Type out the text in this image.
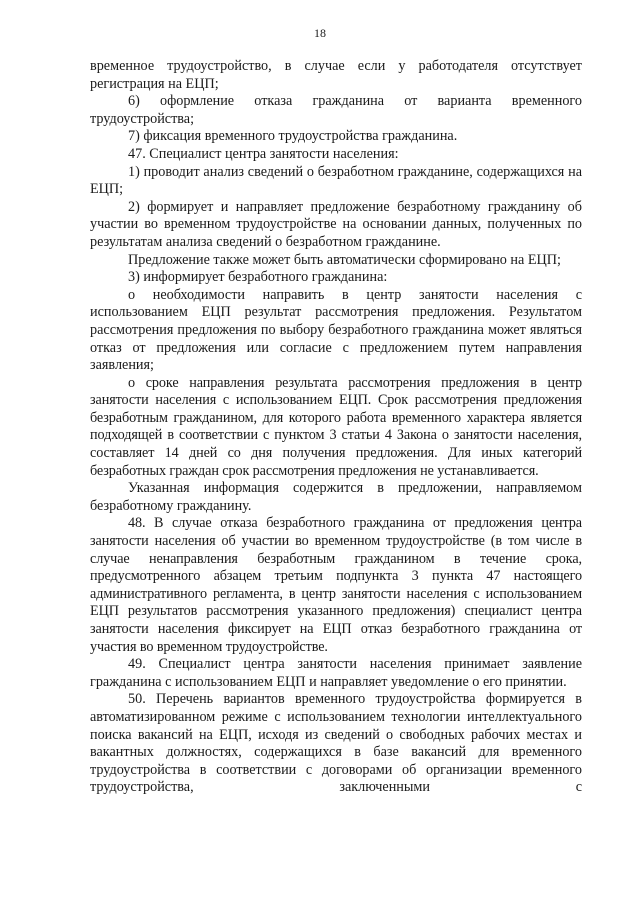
18

временное трудоустройство, в случае если у работодателя отсутствует регистрация на ЕЦП;

6) оформление отказа гражданина от варианта временного трудоустройства;

7) фиксация временного трудоустройства гражданина.

47. Специалист центра занятости населения:

1) проводит анализ сведений о безработном гражданине, содержащихся на ЕЦП;

2) формирует и направляет предложение безработному гражданину об участии во временном трудоустройстве на основании данных, полученных по результатам анализа сведений о безработном гражданине.

Предложение также может быть автоматически сформировано на ЕЦП;

3) информирует безработного гражданина:

о необходимости направить в центр занятости населения с использованием ЕЦП результат рассмотрения предложения. Результатом рассмотрения предложения по выбору безработного гражданина может являться отказ от предложения или согласие с предложением путем направления заявления;

о сроке направления результата рассмотрения предложения в центр занятости населения с использованием ЕЦП. Срок рассмотрения предложения безработным гражданином, для которого работа временного характера является подходящей в соответствии с пунктом 3 статьи 4 Закона о занятости населения, составляет 14 дней со дня получения предложения. Для иных категорий безработных граждан срок рассмотрения предложения не устанавливается.

Указанная информация содержится в предложении, направляемом безработному гражданину.

48. В случае отказа безработного гражданина от предложения центра занятости населения об участии во временном трудоустройстве (в том числе в случае ненаправления безработным гражданином в течение срока, предусмотренного абзацем третьим подпункта 3 пункта 47 настоящего административного регламента, в центр занятости населения с использованием ЕЦП результатов рассмотрения указанного предложения) специалист центра занятости населения фиксирует на ЕЦП отказ безработного гражданина от участия во временном трудоустройстве.

49. Специалист центра занятости населения принимает заявление гражданина с использованием ЕЦП и направляет уведомление о его принятии.

50. Перечень вариантов временного трудоустройства формируется в автоматизированном режиме с использованием технологии интеллектуального поиска вакансий на ЕЦП, исходя из сведений о свободных рабочих местах и вакантных должностях, содержащихся в базе вакансий для временного трудоустройства в соответствии с договорами об организации временного трудоустройства, заключенными с
